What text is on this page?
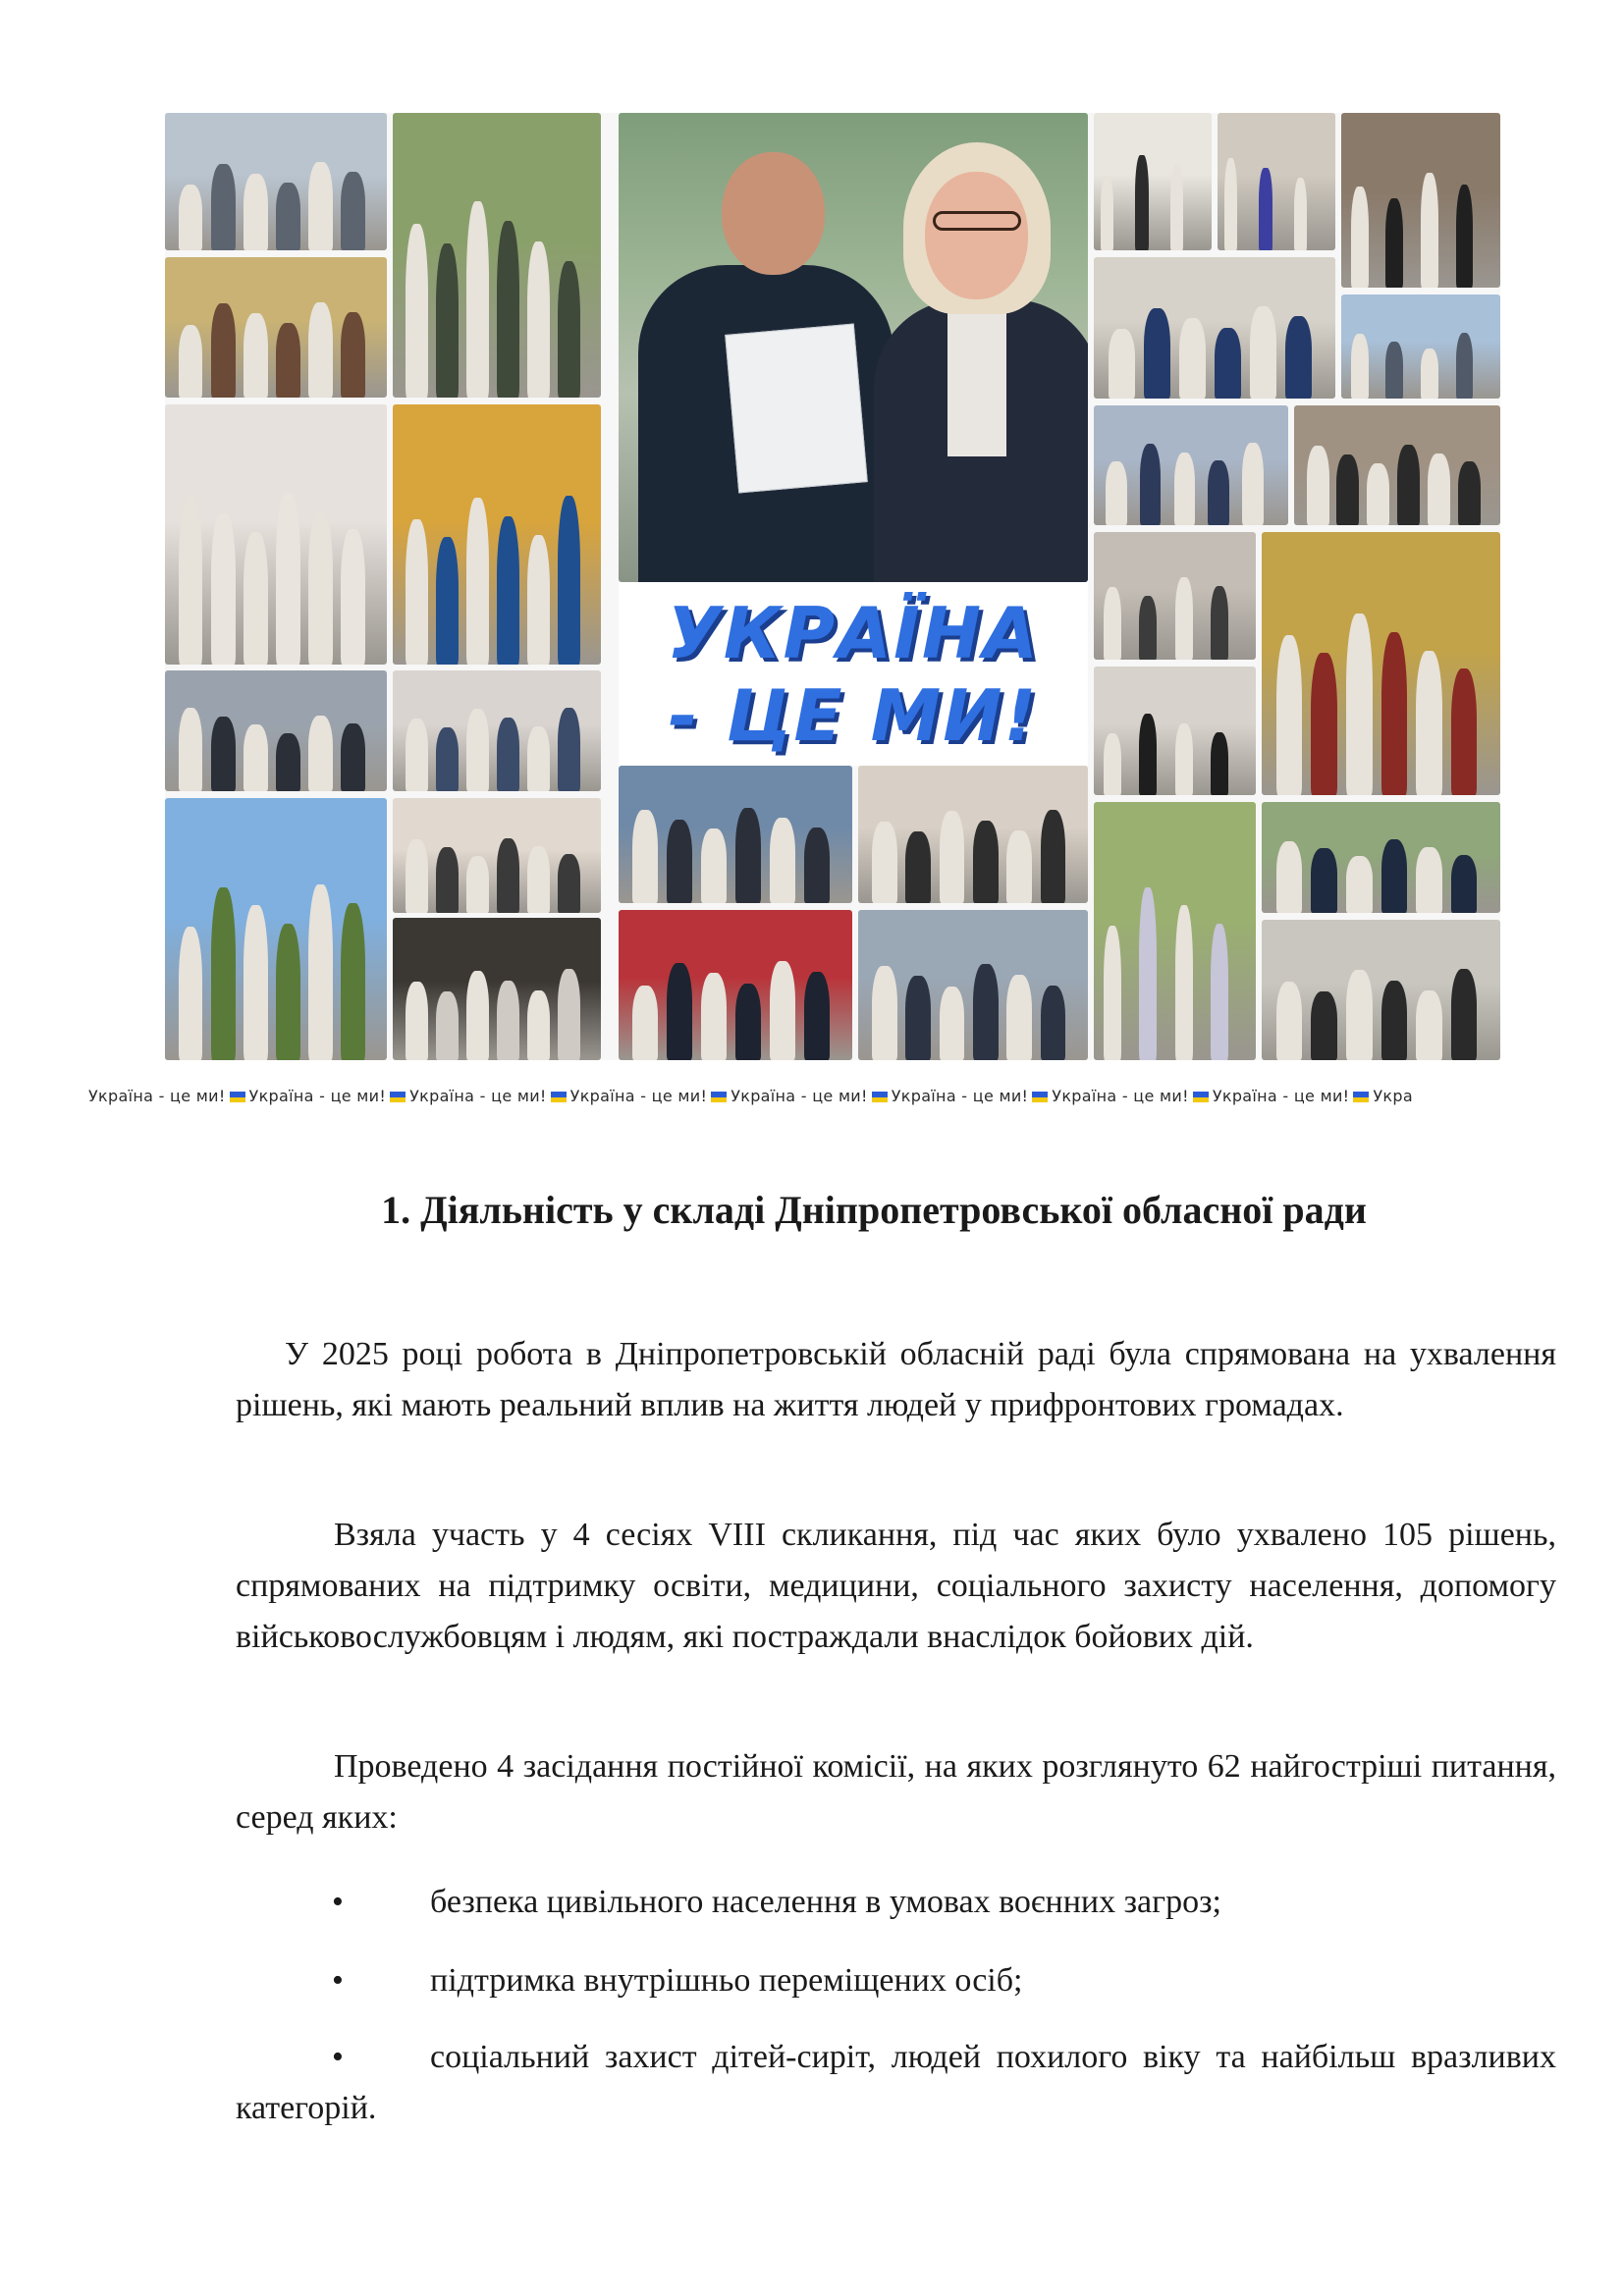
УКРАЇНА
- ЦЕ МИ!
Україна - це ми! Україна - це ми! Україна - це ми! Україна - це ми! Україна - це ми! Україна - це ми! Україна - це ми! Україна - це ми! Укра
1. Діяльність у складі Дніпропетровської обласної ради

У 2025 році робота в Дніпропетровській обласній раді була спрямована на ухвалення рішень, які мають реальний вплив на життя людей у прифронтових громадах.

Взяла участь у 4 сесіях VIII скликання, під час яких було ухвалено 105 рішень, спрямованих на підтримку освіти, медицини, соціального захисту населення, допомогу військовослужбовцям і людям, які постраждали внаслідок бойових дій.

Проведено 4 засідання постійної комісії, на яких розглянуто 62 найгостріші питання, серед яких:

•	безпека цивільного населення в умовах воєнних загроз;
•	підтримка внутрішньо переміщених осіб;
•	соціальний захист дітей-сиріт, людей похилого віку та найбільш вразливих категорій.
